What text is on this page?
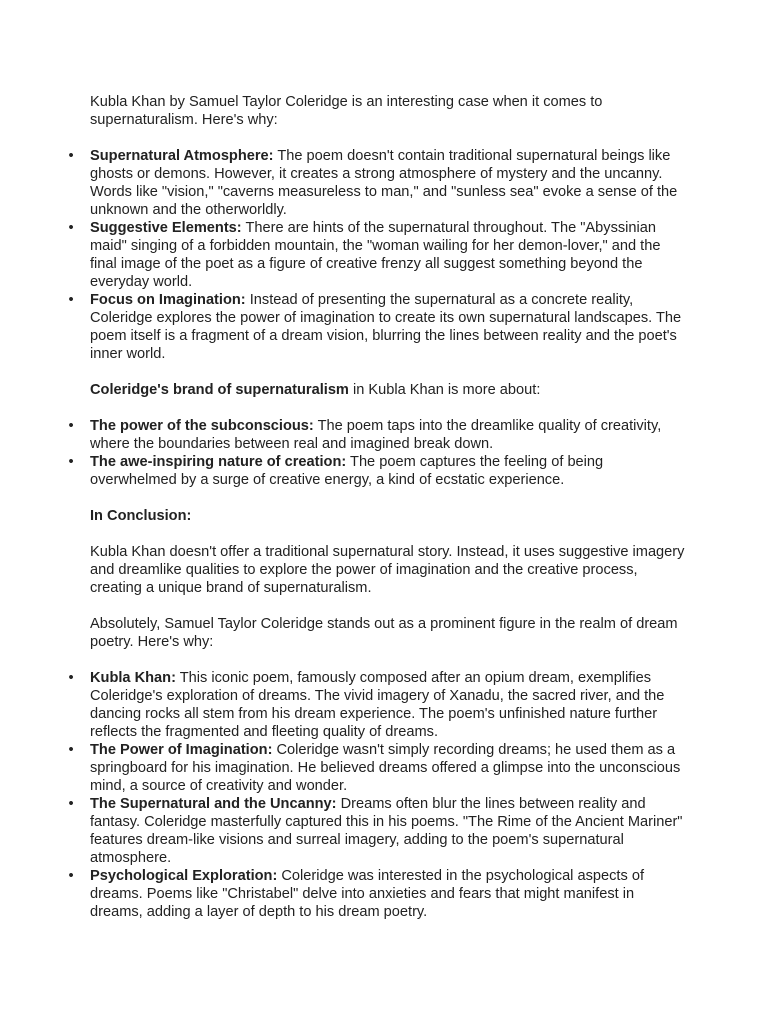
Kubla Khan by Samuel Taylor Coleridge is an interesting case when it comes to supernaturalism. Here's why:

• Supernatural Atmosphere: The poem doesn't contain traditional supernatural beings like ghosts or demons. However, it creates a strong atmosphere of mystery and the uncanny. Words like "vision," "caverns measureless to man," and "sunless sea" evoke a sense of the unknown and the otherworldly.
• Suggestive Elements: There are hints of the supernatural throughout. The "Abyssinian maid" singing of a forbidden mountain, the "woman wailing for her demon-lover," and the final image of the poet as a figure of creative frenzy all suggest something beyond the everyday world.
• Focus on Imagination: Instead of presenting the supernatural as a concrete reality, Coleridge explores the power of imagination to create its own supernatural landscapes. The poem itself is a fragment of a dream vision, blurring the lines between reality and the poet's inner world.

Coleridge's brand of supernaturalism in Kubla Khan is more about:

• The power of the subconscious: The poem taps into the dreamlike quality of creativity, where the boundaries between real and imagined break down.
• The awe-inspiring nature of creation: The poem captures the feeling of being overwhelmed by a surge of creative energy, a kind of ecstatic experience.

In Conclusion:

Kubla Khan doesn't offer a traditional supernatural story. Instead, it uses suggestive imagery and dreamlike qualities to explore the power of imagination and the creative process, creating a unique brand of supernaturalism.

Absolutely, Samuel Taylor Coleridge stands out as a prominent figure in the realm of dream poetry. Here's why:

• Kubla Khan: This iconic poem, famously composed after an opium dream, exemplifies Coleridge's exploration of dreams. The vivid imagery of Xanadu, the sacred river, and the dancing rocks all stem from his dream experience. The poem's unfinished nature further reflects the fragmented and fleeting quality of dreams.
• The Power of Imagination: Coleridge wasn't simply recording dreams; he used them as a springboard for his imagination. He believed dreams offered a glimpse into the unconscious mind, a source of creativity and wonder.
• The Supernatural and the Uncanny: Dreams often blur the lines between reality and fantasy. Coleridge masterfully captured this in his poems. "The Rime of the Ancient Mariner" features dream-like visions and surreal imagery, adding to the poem's supernatural atmosphere.
• Psychological Exploration: Coleridge was interested in the psychological aspects of dreams. Poems like "Christabel" delve into anxieties and fears that might manifest in dreams, adding a layer of depth to his dream poetry.
